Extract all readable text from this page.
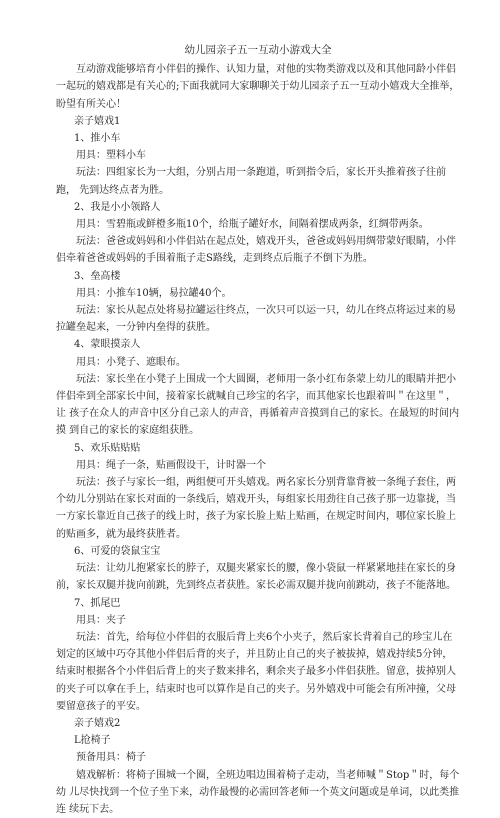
幼儿园亲子五一互动小游戏大全

互动游戏能够培育小伴侣的操作、认知力量，对他的实物类游戏以及和其他同龄小伴侣一起玩的嬉戏都是有关心的;下面我就同大家聊聊关于幼儿园亲子五一互动小嬉戏大全推举，盼望有所关心！

亲子嬉戏1

1、推小车

用具：塑料小车

玩法：四组家长为一大组，分别占用一条跑道，听到指令后，家长开头推着孩子往前跑， 先到达终点者为胜。

2、我是小小领路人

用具：雪碧瓶或鲜橙多瓶10个，给瓶子罐好水，间隔着摆成两条，红绸带两条。

玩法：爸爸或妈妈和小伴侣站在起点处，嬉戏开头，爸爸或妈妈用绸带蒙好眼睛，小伴 侣牵着爸爸或妈妈的手围着瓶子走S路线，走到终点后瓶子不倒下为胜。

3、垒高楼

用具：小推车10辆，易拉罐40个。

玩法：家长从起点处将易拉罐运往终点，一次只可以运一只，幼儿在终点将运过来的易 拉罐垒起来，一分钟内垒得的获胜。

4、蒙眼摸亲人

用具：小凳子、遮眼布。

玩法：家长坐在小凳子上围成一个大圆圈，老师用一条小红布条蒙上幼儿的眼睛并把小 伴侣牵到全部家长中间，接着家长就喊自己珍宝的名字，而其他家长也跟着叫＂在这里＂，让 孩子在众人的声音中区分自己亲人的声音，再循着声音摸到自己的家长。在最短的时间内摸 到自己的家长的家庭组获胜。

5、欢乐贴贴贴

用具：绳子一条，贴画假设干，计时器一个

玩法：孩子与家长一组，两组便可开头嬉戏。两名家长分别背靠背被一条绳子套住，两 个幼儿分别站在家长对面的一条线后，嬉戏开头，每组家长用劲往自己孩子那一边靠拢，当 一方家长靠近自己孩子的线上时，孩子为家长脸上贴上贴画，在规定时间内，哪位家长脸上 的贴画多，就为最终获胜者。

6、可爱的袋鼠宝宝

玩法：让幼儿抱紧家长的脖子，双腿夹紧家长的腰，像小袋鼠一样紧紧地挂在家长的身 前，家长双腿并拢向前跳，先到终点者获胜。家长必需双腿并拢向前跳动，孩子不能落地。

7、抓尾巴

用具：夹子

玩法：首先，给每位小伴侣的衣服后背上夹6个小夹子，然后家长背着自己的珍宝儿在 划定的区域中巧夺其他小伴侣后背的夹子，并且防止自己的夹子被拔掉，嬉戏持续5分钟， 结束时根据各个小伴侣后背上的夹子数来排名，剩余夹子最多小伴侣获胜。留意，拔掉别人 的夹子可以拿在手上，结束时也可以算作是自己的夹子。另外嬉戏中可能会有所冲撞，父母 要留意孩子的平安。

亲子嬉戏2

L抢椅子

预备用具：椅子

嬉戏解析：将椅子围城一个圈，全班边唱边围着椅子走动，当老师喊＂Stop＂时，每个幼 儿尽快找到一个位子坐下来，动作最慢的必需回答老师一个英文问题或是单词，以此类推连 续玩下去。
